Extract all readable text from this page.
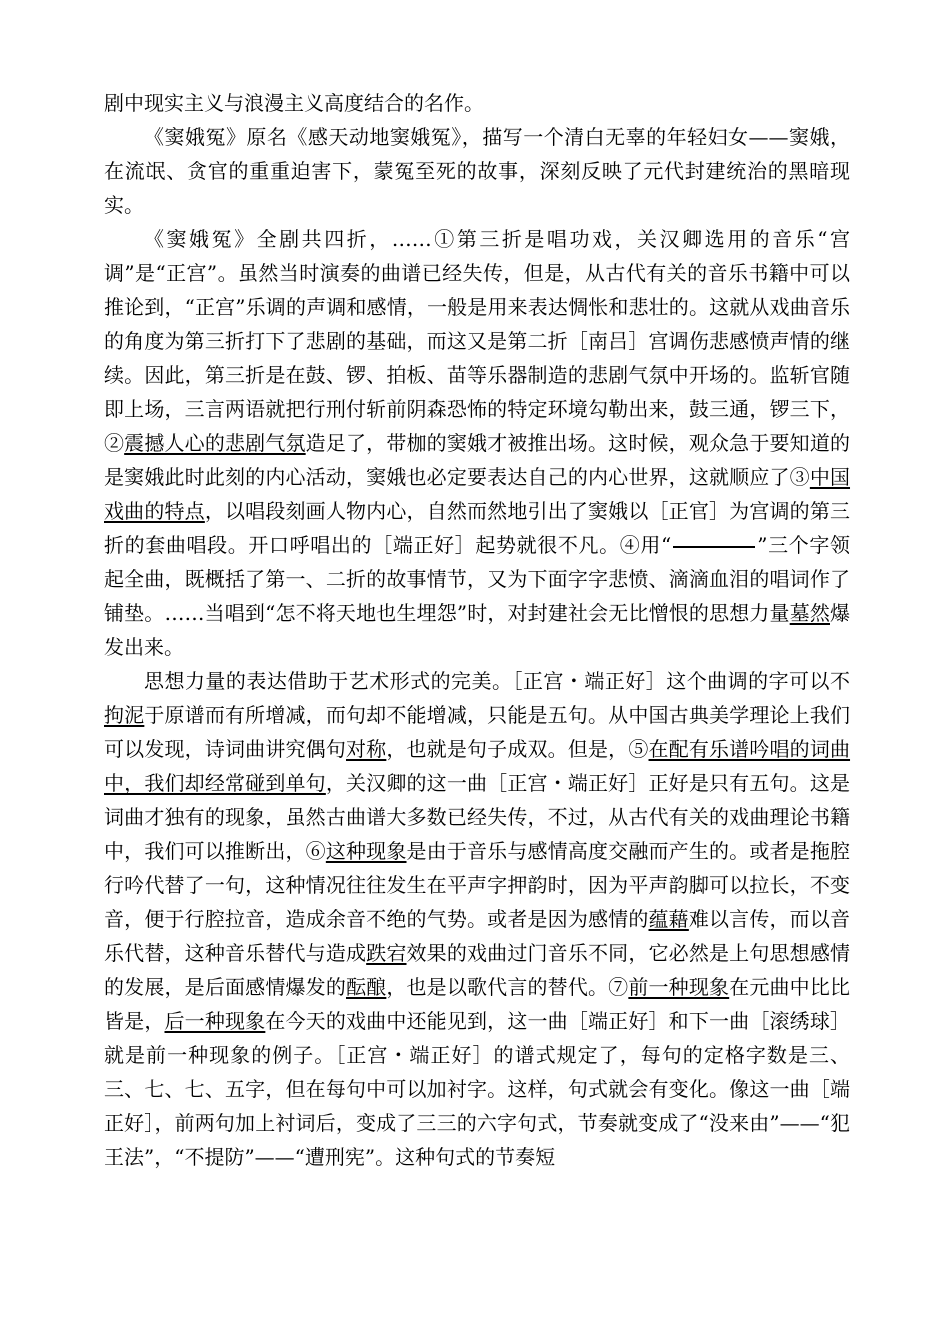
剧中现实主义与浪漫主义高度结合的名作。

《窦娥冤》原名《感天动地窦娥冤》，描写一个清白无辜的年轻妇女——窦娥，在流氓、贪官的重重迫害下，蒙冤至死的故事，深刻反映了元代封建统治的黑暗现实。

《窦娥冤》全剧共四折，……①第三折是唱功戏，关汉卿选用的音乐“宫调”是“正宫”。虽然当时演奏的曲谱已经失传，但是，从古代有关的音乐书籍中可以推论到，“正宫”乐调的声调和感情，一般是用来表达惆怅和悲壮的。这就从戏曲音乐的角度为第三折打下了悲剧的基础，而这又是第二折［南吕］宫调伤悲感愤声情的继续。因此，第三折是在鼓、锣、拍板、苗等乐器制造的悲剧气氛中开场的。监斩官随即上场，三言两语就把行刑付斩前阴森恐怖的特定环境勾勒出来，鼓三通，锣三下，②震撼人心的悲剧气氛造足了，带枷的窦娥才被推出场。这时候，观众急于要知道的是窦娥此时此刻的内心活动，窦娥也必定要表达自己的内心世界，这就顺应了③中国戏曲的特点，以唱段刻画人物内心，自然而然地引出了窦娥以［正官］为宫调的第三折的套曲唱段。开口呼唱出的［端正好］起势就很不凡。④用“	”三个字领起全曲，既概括了第一、二折的故事情节，又为下面字字悲愤、滴滴血泪的唱词作了铺垫。……当唱到“怎不将天地也生埋怨”时，对封建社会无比憎恨的思想力量墓然爆发出来。

思想力量的表达借助于艺术形式的完美。［正宫・端正好］这个曲调的字可以不拘泥于原谱而有所增减，而句却不能增减，只能是五句。从中国古典美学理论上我们可以发现，诗词曲讲究偶句对称，也就是句子成双。但是，⑤在配有乐谱吟唱的词曲中，我们却经常碰到单句，关汉卿的这一曲［正宫・端正好］正好是只有五句。这是词曲才独有的现象，虽然古曲谱大多数已经失传，不过，从古代有关的戏曲理论书籍中，我们可以推断出，⑥这种现象是由于音乐与感情高度交融而产生的。或者是拖腔行吟代替了一句，这种情况往往发生在平声字押韵时，因为平声韵脚可以拉长，不变音，便于行腔拉音，造成余音不绝的气势。或者是因为感情的蕴藉难以言传，而以音乐代替，这种音乐替代与造成跌宕效果的戏曲过门音乐不同，它必然是上句思想感情的发展，是后面感情爆发的酝酿，也是以歌代言的替代。⑦前一种现象在元曲中比比皆是，后一种现象在今天的戏曲中还能见到，这一曲［端正好］和下一曲［滚绣球］就是前一种现象的例子。［正宫・端正好］的谱式规定了，每句的定格字数是三、三、七、七、五字，但在每句中可以加衬字。这样，句式就会有变化。像这一曲［端正好］，前两句加上衬词后，变成了三三的六字句式，节奏就变成了“没来由”——“犯王法”，“不提防”——“遭刑宪”。这种句式的节奏短
